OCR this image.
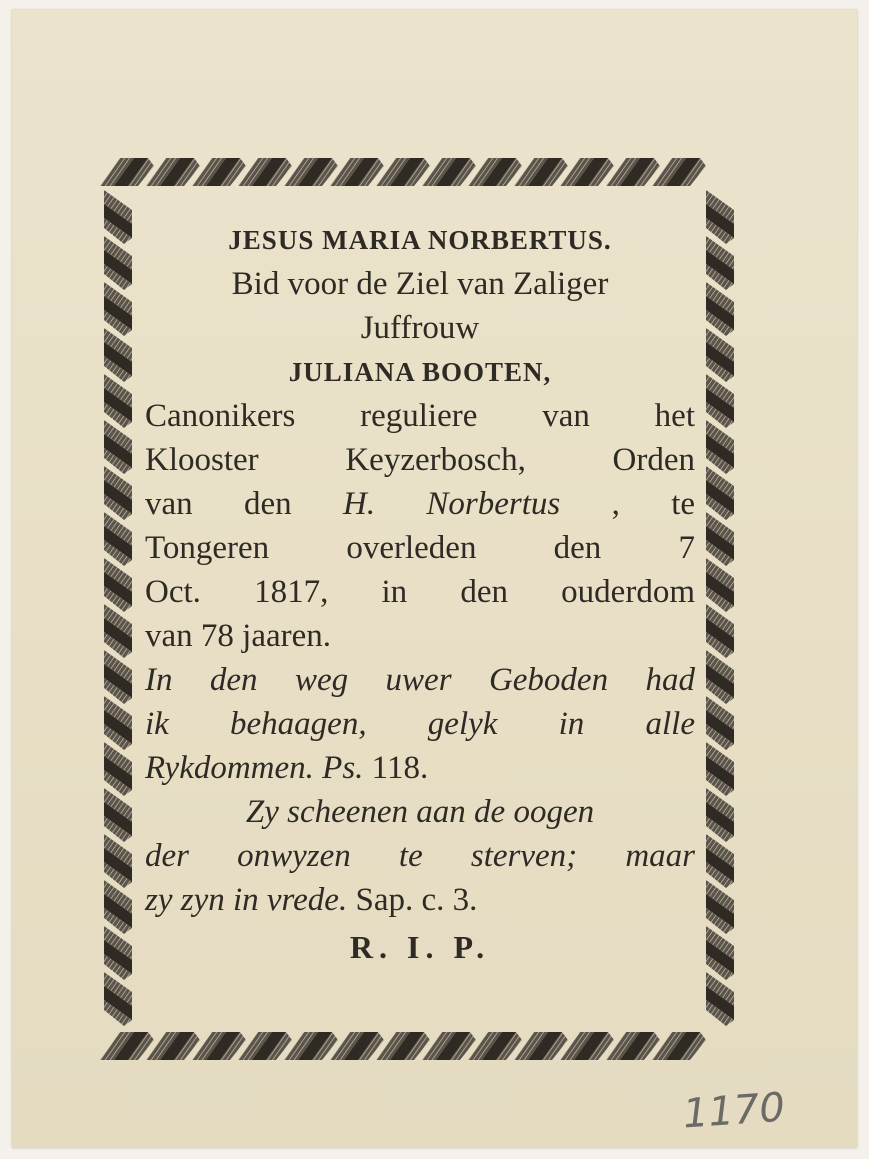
JESUS MARIA NORBERTUS.
Bid voor de Ziel van Zaliger
Juffrouw
JULIANA BOOTEN,
Canonikers reguliere van het
Klooster Keyzerbosch, Orden
van den H. Norbertus , te
Tongeren overleden den 7
Oct. 1817, in den ouderdom
van 78 jaaren.
In den weg uwer Geboden had
ik behaagen, gelyk in alle
Rykdommen. Ps. 118.
Zy scheenen aan de oogen
der onwyzen te sterven; maar
zy zyn in vrede. Sap. c. 3.
R. I. P.
1170
